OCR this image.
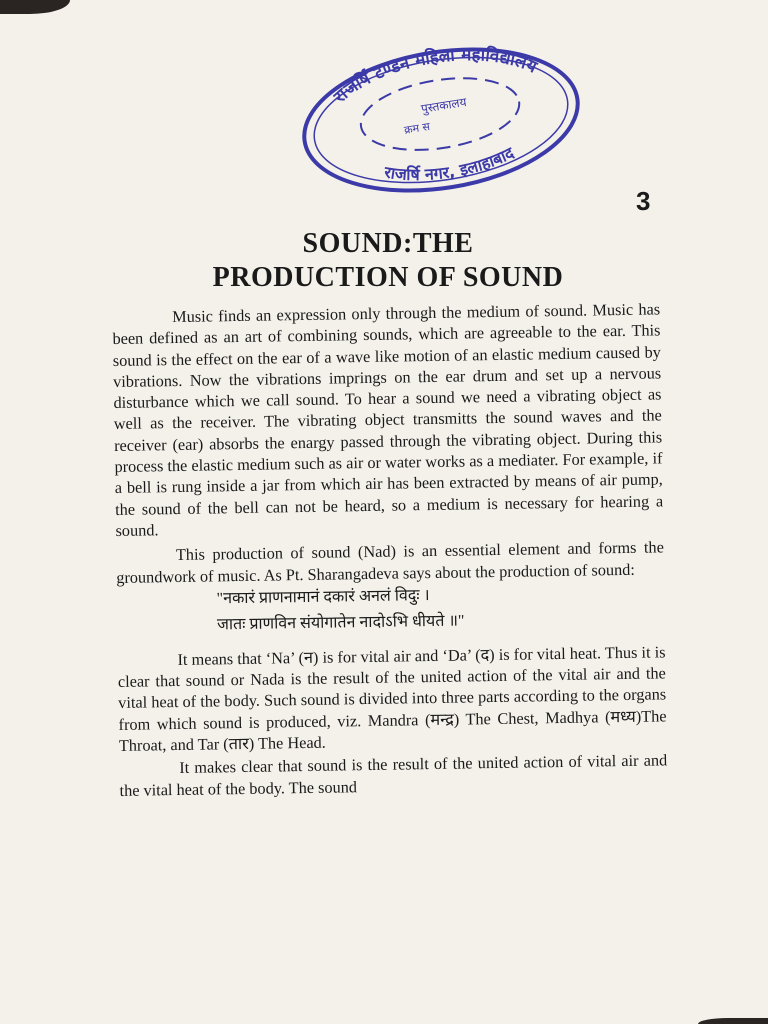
राजर्षि टण्डन महिला महाविद्यालय
राजर्षि नगर, इलाहाबाद
पुस्तकालय
क्रम स
3
SOUND:THE
PRODUCTION OF SOUND

Music finds an expression only through the medium of sound. Music has been defined as an art of combining sounds, which are agreeable to the ear. This sound is the effect on the ear of a wave like motion of an elastic medium caused by vibrations. Now the vibrations imprings on the ear drum and set up a nervous disturbance which we call sound. To hear a sound we need a vibrating object as well as the receiver. The vibrating object transmitts the sound waves and the receiver (ear) absorbs the enargy passed through the vibrating object. During this process the elastic medium such as air or water works as a mediater. For example, if a bell is rung inside a jar from which air has been extracted by means of air pump, the sound of the bell can not be heard, so a medium is necessary for hearing a sound.

This production of sound (Nad) is an essential element and forms the groundwork of music. As Pt. Sharangadeva says about the production of sound:

"नकारं प्राणनामानं दकारं अनलं विदुः ।

जातः प्राणविन संयोगातेन नादोऽभि धीयते ॥"

It means that ‘Na’ (न) is for vital air and ‘Da’ (द) is for vital heat. Thus it is clear that sound or Nada is the result of the united action of the vital air and the vital heat of the body. Such sound is divided into three parts according to the organs from which sound is produced, viz. Mandra (मन्द्र) The Chest, Madhya (मध्य)The Throat, and Tar (तार) The Head.

It makes clear that sound is the result of the united action of vital air and the vital heat of the body. The sound
